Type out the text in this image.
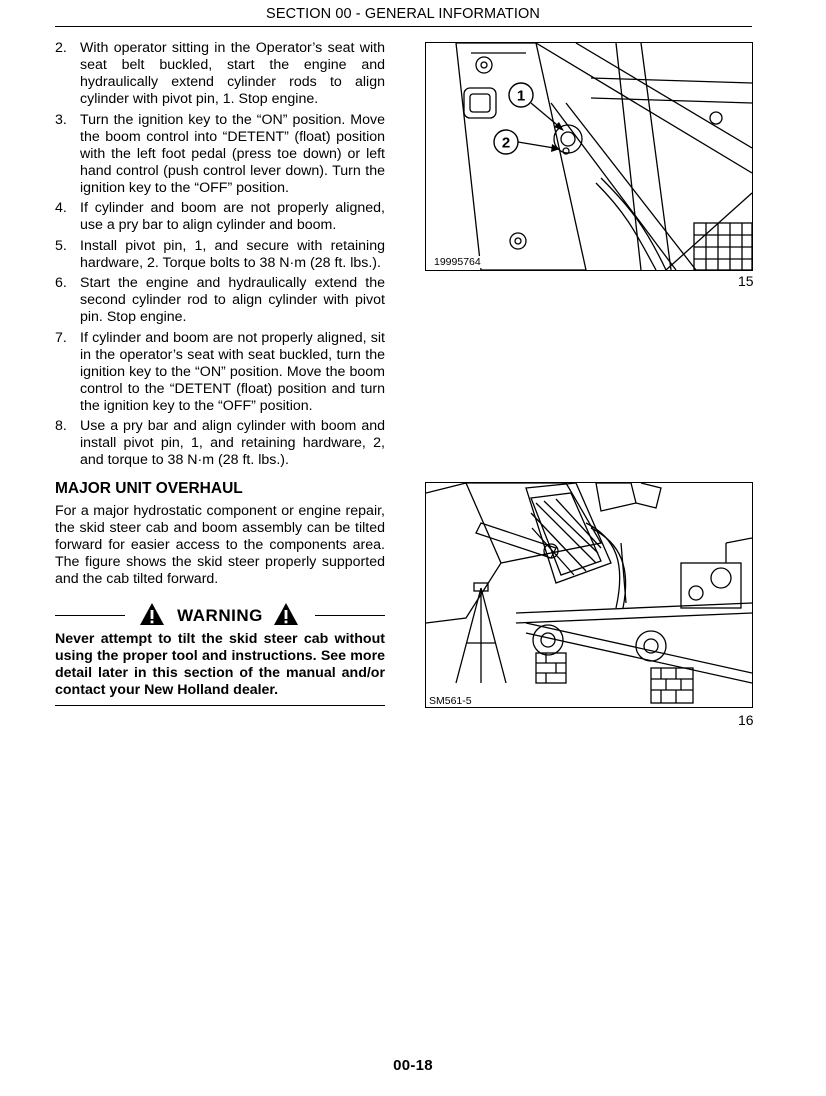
SECTION 00 - GENERAL INFORMATION
2. With operator sitting in the Operator’s seat with seat belt buckled, start the engine and hydraulically extend cylinder rods to align cylinder with pivot pin, 1. Stop engine.
3. Turn the ignition key to the “ON” position. Move the boom control into “DETENT” (float) position with the left foot pedal (press toe down) or left hand control (push control lever down). Turn the ignition key to the “OFF” position.
4. If cylinder and boom are not properly aligned, use a pry bar to align cylinder and boom.
5. Install pivot pin, 1, and secure with retaining hardware, 2. Torque bolts to 38 N·m (28 ft. lbs.).
6. Start the engine and hydraulically extend the second cylinder rod to align cylinder with pivot pin. Stop engine.
7. If cylinder and boom are not properly aligned, sit in the operator’s seat with seat buckled, turn the ignition key to the “ON” position. Move the boom control to the “DETENT (float) position and turn the ignition key to the “OFF” position.
8. Use a pry bar and align cylinder with boom and install pivot pin, 1, and retaining hardware, 2, and torque to 38 N·m (28 ft. lbs.).
MAJOR UNIT OVERHAUL
For a major hydrostatic component or engine repair, the skid steer cab and boom assembly can be tilted forward for easier access to the components area. The figure shows the skid steer properly supported and the cab tilted forward.
WARNING
Never attempt to tilt the skid steer cab without using the proper tool and instructions. See more detail later in this section of the manual and/or contact your New Holland dealer.
1
2
19995764
15
SM561-5
16
00-18
